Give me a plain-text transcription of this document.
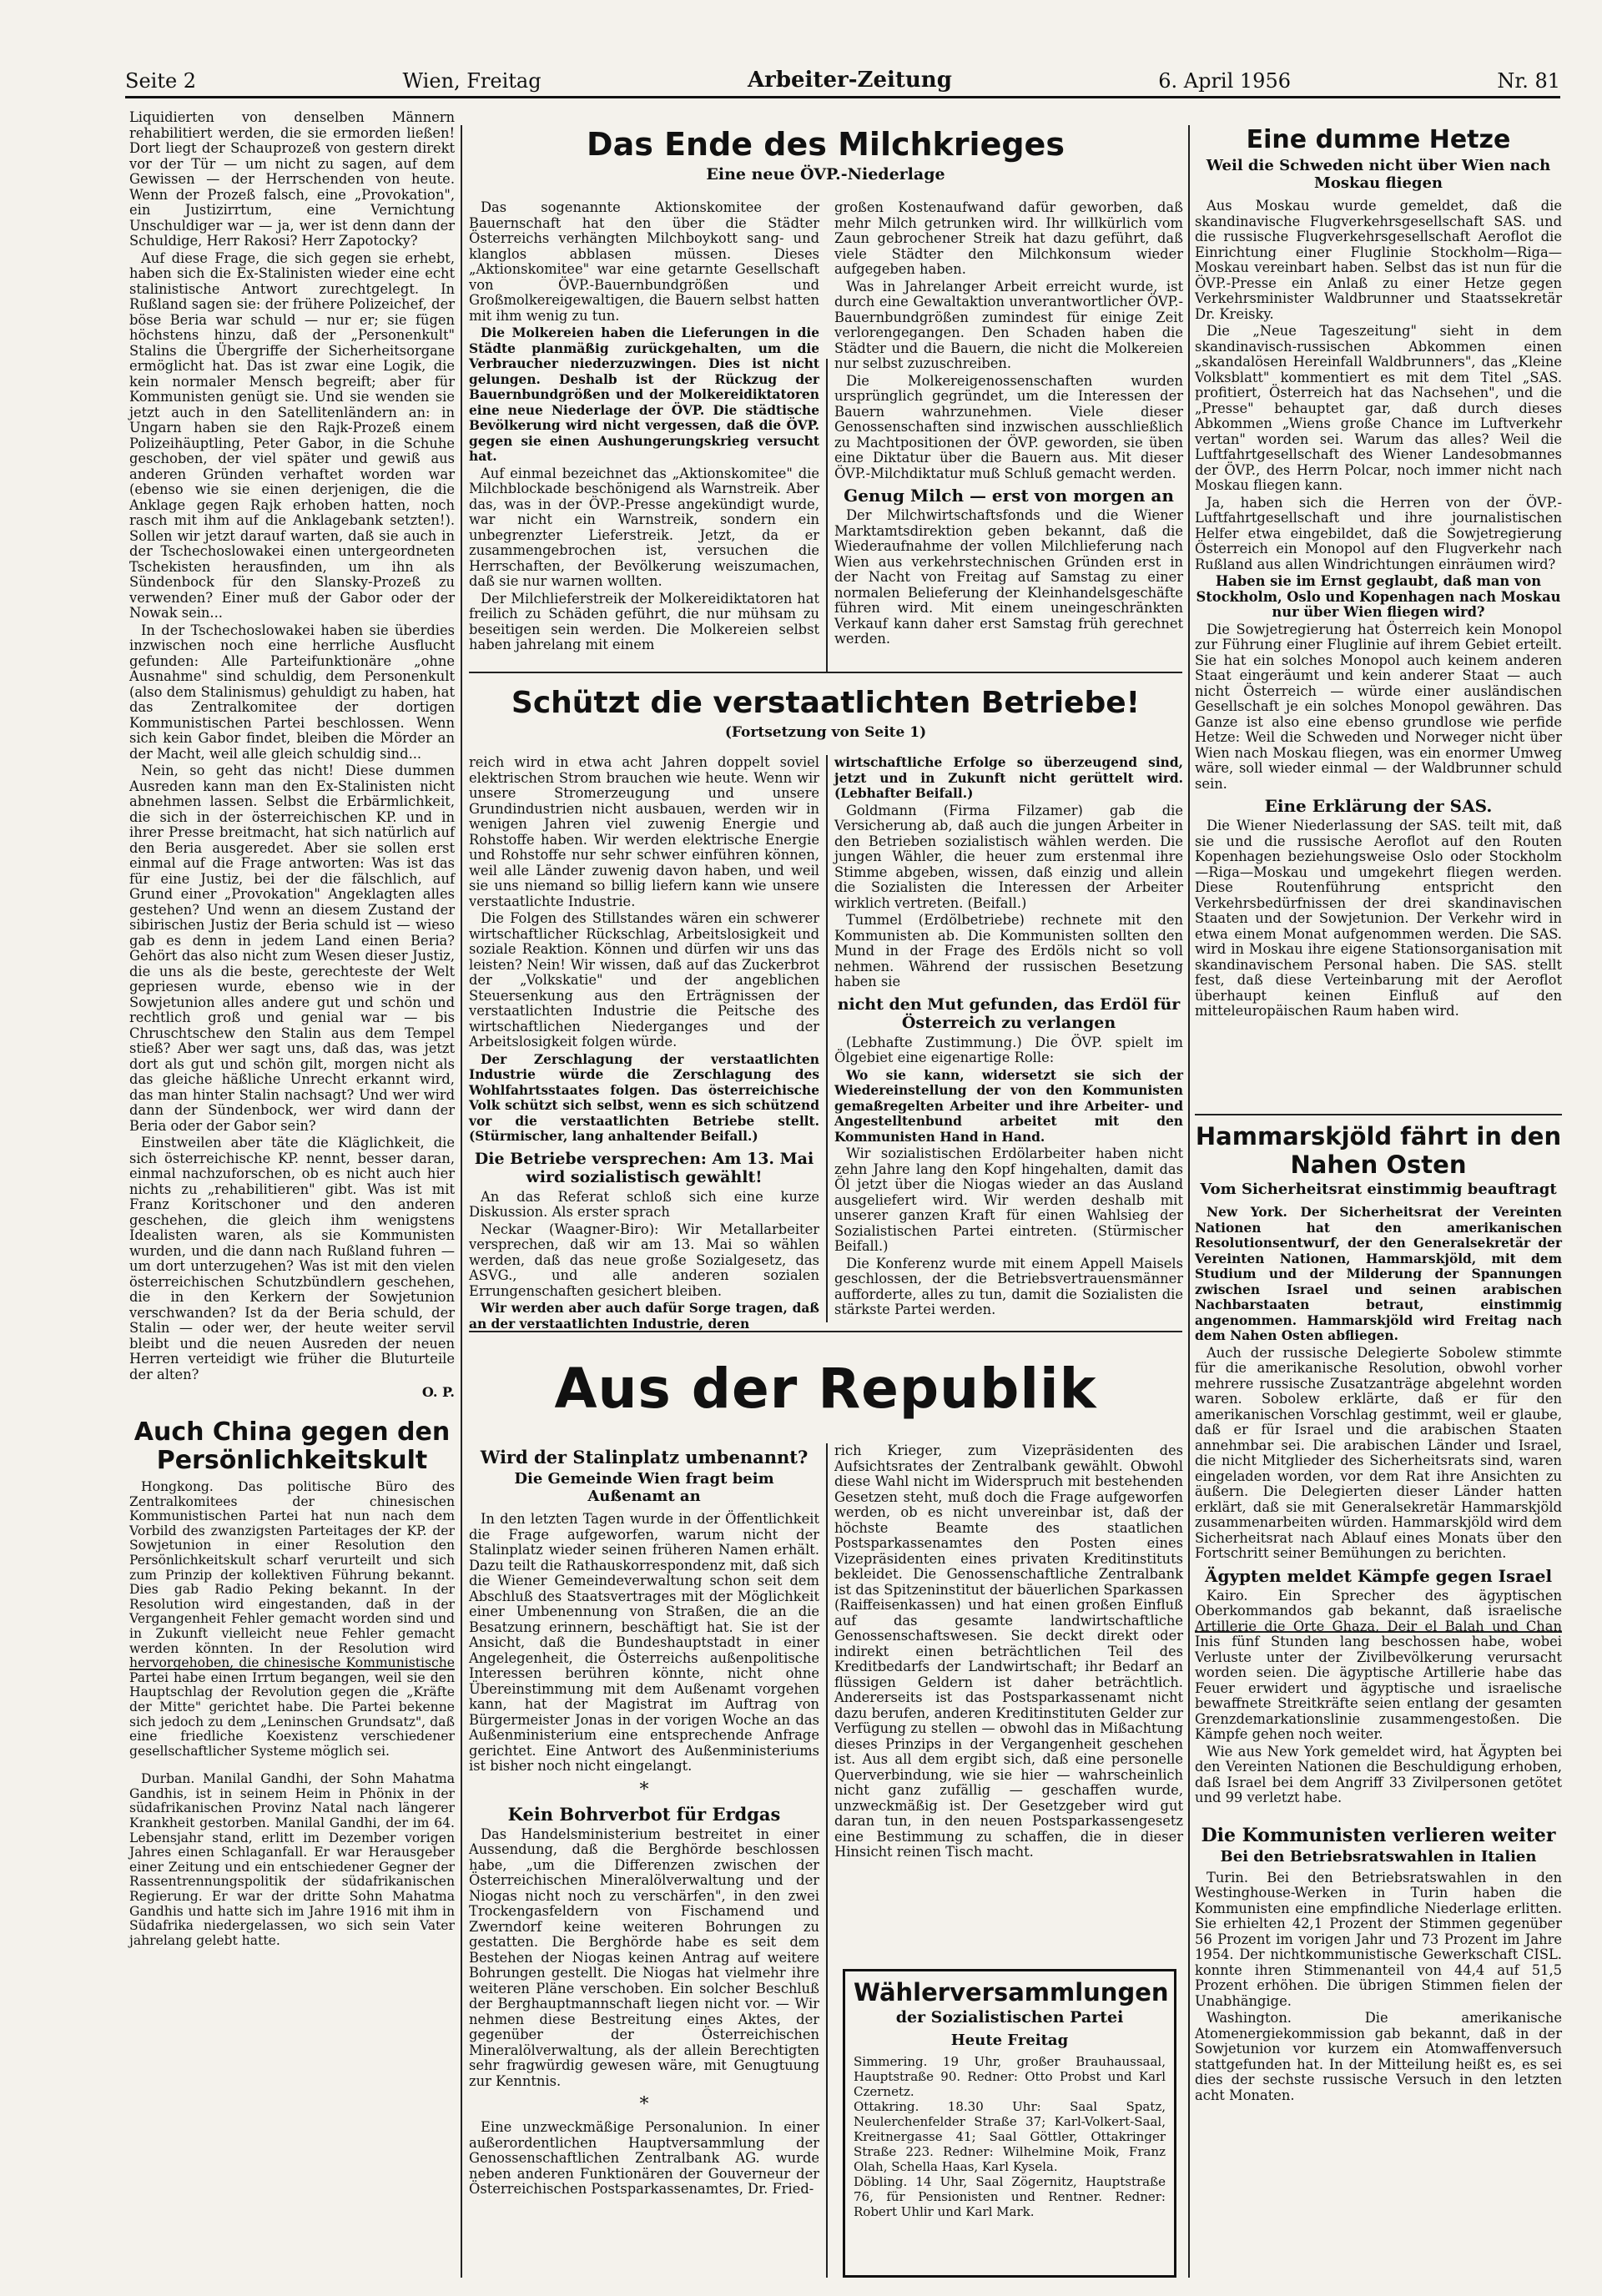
Seite 2	Wien, Freitag	Arbeiter-Zeitung	6. April 1956	Nr. 81

Liquidierten von denselben Männern rehabilitiert werden, die sie ermorden ließen! Dort liegt der Schauprozeß von gestern direkt vor der Tür — um nicht zu sagen, auf dem Gewissen — der Herrschenden von heute. Wenn der Prozeß falsch, eine „Provokation", ein Justizirrtum, eine Vernichtung Unschuldiger war — ja, wer ist denn dann der Schuldige, Herr Rakosi? Herr Zapotocky?

Auf diese Frage, die sich gegen sie erhebt, haben sich die Ex-Stalinisten wieder eine echt stalinistische Antwort zurechtgelegt. In Rußland sagen sie: der frühere Polizeichef, der böse Beria war schuld — nur er; sie fügen höchstens hinzu, daß der „Personenkult" Stalins die Übergriffe der Sicherheitsorgane ermöglicht hat. Das ist zwar eine Logik, die kein normaler Mensch begreift; aber für Kommunisten genügt sie. Und sie wenden sie jetzt auch in den Satellitenländern an: in Ungarn haben sie den Rajk-Prozeß einem Polizeihäuptling, Peter Gabor, in die Schuhe geschoben, der viel später und gewiß aus anderen Gründen verhaftet worden war (ebenso wie sie einen derjenigen, die die Anklage gegen Rajk erhoben hatten, noch rasch mit ihm auf die Anklagebank setzten!). Sollen wir jetzt darauf warten, daß sie auch in der Tschechoslowakei einen untergeordneten Tschekisten herausfinden, um ihn als Sündenbock für den Slansky-Prozeß zu verwenden? Einer muß der Gabor oder der Nowak sein...

In der Tschechoslowakei haben sie überdies inzwischen noch eine herrliche Ausflucht gefunden: Alle Parteifunktionäre „ohne Ausnahme" sind schuldig, dem Personenkult (also dem Stalinismus) gehuldigt zu haben, hat das Zentralkomitee der dortigen Kommunistischen Partei beschlossen. Wenn sich kein Gabor findet, bleiben die Mörder an der Macht, weil alle gleich schuldig sind...

Nein, so geht das nicht! Diese dummen Ausreden kann man den Ex-Stalinisten nicht abnehmen lassen. Selbst die Erbärmlichkeit, die sich in der österreichischen KP. und in ihrer Presse breitmacht, hat sich natürlich auf den Beria ausgeredet. Aber sie sollen erst einmal auf die Frage antworten: Was ist das für eine Justiz, bei der die fälschlich, auf Grund einer „Provokation" Angeklagten alles gestehen? Und wenn an diesem Zustand der sibirischen Justiz der Beria schuld ist — wieso gab es denn in jedem Land einen Beria? Gehört das also nicht zum Wesen dieser Justiz, die uns als die beste, gerechteste der Welt gepriesen wurde, ebenso wie in der Sowjetunion alles andere gut und schön und rechtlich groß und genial war — bis Chruschtschew den Stalin aus dem Tempel stieß? Aber wer sagt uns, daß das, was jetzt dort als gut und schön gilt, morgen nicht als das gleiche häßliche Unrecht erkannt wird, das man hinter Stalin nachsagt? Und wer wird dann der Sündenbock, wer wird dann der Beria oder der Gabor sein?

Einstweilen aber täte die Kläglichkeit, die sich österreichische KP. nennt, besser daran, einmal nachzuforschen, ob es nicht auch hier nichts zu „rehabilitieren" gibt. Was ist mit Franz Koritschoner und den anderen geschehen, die gleich ihm wenigstens Idealisten waren, als sie Kommunisten wurden, und die dann nach Rußland fuhren — um dort unterzugehen? Was ist mit den vielen österreichischen Schutzbündlern geschehen, die in den Kerkern der Sowjetunion verschwanden? Ist da der Beria schuld, der Stalin — oder wer, der heute weiter servil bleibt und die neuen Ausreden der neuen Herren verteidigt wie früher die Bluturteile der alten?

O. P.

Auch China gegen den Persönlichkeitskult

Hongkong. Das politische Büro des Zentralkomitees der chinesischen Kommunistischen Partei hat nun nach dem Vorbild des zwanzigsten Parteitages der KP. der Sowjetunion in einer Resolution den Persönlichkeitskult scharf verurteilt und sich zum Prinzip der kollektiven Führung bekannt. Dies gab Radio Peking bekannt. In der Resolution wird eingestanden, daß in der Vergangenheit Fehler gemacht worden sind und in Zukunft vielleicht neue Fehler gemacht werden könnten. In der Resolution wird hervorgehoben, die chinesische Kommunistische Partei habe einen Irrtum begangen, weil sie den Hauptschlag der Revolution gegen die „Kräfte der Mitte" gerichtet habe. Die Partei bekenne sich jedoch zu dem „Leninschen Grundsatz", daß eine friedliche Koexistenz verschiedener gesellschaftlicher Systeme möglich sei.

Durban. Manilal Gandhi, der Sohn Mahatma Gandhis, ist in seinem Heim in Phönix in der südafrikanischen Provinz Natal nach längerer Krankheit gestorben. Manilal Gandhi, der im 64. Lebensjahr stand, erlitt im Dezember vorigen Jahres einen Schlaganfall. Er war Herausgeber einer Zeitung und ein entschiedener Gegner der Rassentrennungspolitik der südafrikanischen Regierung. Er war der dritte Sohn Mahatma Gandhis und hatte sich im Jahre 1916 mit ihm in Südafrika niedergelassen, wo sich sein Vater jahrelang gelebt hatte.

Das Ende des Milchkrieges

Eine neue ÖVP.-Niederlage

Das sogenannte Aktionskomitee der Bauernschaft hat den über die Städter Österreichs verhängten Milchboykott sang- und klanglos abblasen müssen. Dieses „Aktionskomitee" war eine getarnte Gesellschaft von ÖVP.-Bauernbundgrößen und Großmolkereigewaltigen, die Bauern selbst hatten mit ihm wenig zu tun.

Die Molkereien haben die Lieferungen in die Städte planmäßig zurückgehalten, um die Verbraucher niederzuzwingen. Dies ist nicht gelungen. Deshalb ist der Rückzug der Bauernbundgrößen und der Molkereidiktatoren eine neue Niederlage der ÖVP. Die städtische Bevölkerung wird nicht vergessen, daß die ÖVP. gegen sie einen Aushungerungskrieg versucht hat.

Auf einmal bezeichnet das „Aktionskomitee" die Milchblockade beschönigend als Warnstreik. Aber das, was in der ÖVP.-Presse angekündigt wurde, war nicht ein Warnstreik, sondern ein unbegrenzter Lieferstreik. Jetzt, da er zusammengebrochen ist, versuchen die Herrschaften, der Bevölkerung weiszumachen, daß sie nur warnen wollten.

Der Milchlieferstreik der Molkereidiktatoren hat freilich zu Schäden geführt, die nur mühsam zu beseitigen sein werden. Die Molkereien selbst haben jahrelang mit einem

großen Kostenaufwand dafür geworben, daß mehr Milch getrunken wird. Ihr willkürlich vom Zaun gebrochener Streik hat dazu geführt, daß viele Städter den Milchkonsum wieder aufgegeben haben.

Was in Jahrelanger Arbeit erreicht wurde, ist durch eine Gewaltaktion unverantwortlicher ÖVP.-Bauernbundgrößen zumindest für einige Zeit verlorengegangen. Den Schaden haben die Städter und die Bauern, die nicht die Molkereien nur selbst zuzuschreiben.

Die Molkereigenossenschaften wurden ursprünglich gegründet, um die Interessen der Bauern wahrzunehmen. Viele dieser Genossenschaften sind inzwischen ausschließlich zu Machtpositionen der ÖVP. geworden, sie üben eine Diktatur über die Bauern aus. Mit dieser ÖVP.-Milchdiktatur muß Schluß gemacht werden.

Genug Milch — erst von morgen an

Der Milchwirtschaftsfonds und die Wiener Marktamtsdirektion geben bekannt, daß die Wiederaufnahme der vollen Milchlieferung nach Wien aus verkehrstechnischen Gründen erst in der Nacht von Freitag auf Samstag zu einer normalen Belieferung der Kleinhandelsgeschäfte führen wird. Mit einem uneingeschränkten Verkauf kann daher erst Samstag früh gerechnet werden.

Eine dumme Hetze

Weil die Schweden nicht über Wien nach Moskau fliegen

Aus Moskau wurde gemeldet, daß die skandinavische Flugverkehrsgesellschaft SAS. und die russische Flugverkehrsgesellschaft Aeroflot die Einrichtung einer Fluglinie Stockholm—Riga—Moskau vereinbart haben. Selbst das ist nun für die ÖVP.-Presse ein Anlaß zu einer Hetze gegen Verkehrsminister Waldbrunner und Staatssekretär Dr. Kreisky.

Die „Neue Tageszeitung" sieht in dem skandinavisch-russischen Abkommen einen „skandalösen Hereinfall Waldbrunners", das „Kleine Volksblatt" kommentiert es mit dem Titel „SAS. profitiert, Österreich hat das Nachsehen", und die „Presse" behauptet gar, daß durch dieses Abkommen „Wiens große Chance im Luftverkehr vertan" worden sei. Warum das alles? Weil die Luftfahrtgesellschaft des Wiener Landesobmannes der ÖVP., des Herrn Polcar, noch immer nicht nach Moskau fliegen kann.

Ja, haben sich die Herren von der ÖVP.-Luftfahrtgesellschaft und ihre journalistischen Helfer etwa eingebildet, daß die Sowjetregierung Österreich ein Monopol auf den Flugverkehr nach Rußland aus allen Windrichtungen einräumen wird?

Haben sie im Ernst geglaubt, daß man von Stockholm, Oslo und Kopenhagen nach Moskau nur über Wien fliegen wird?

Die Sowjetregierung hat Österreich kein Monopol zur Führung einer Fluglinie auf ihrem Gebiet erteilt. Sie hat ein solches Monopol auch keinem anderen Staat eingeräumt und kein anderer Staat — auch nicht Österreich — würde einer ausländischen Gesellschaft je ein solches Monopol gewähren. Das Ganze ist also eine ebenso grundlose wie perfide Hetze: Weil die Schweden und Norweger nicht über Wien nach Moskau fliegen, was ein enormer Umweg wäre, soll wieder einmal — der Waldbrunner schuld sein.

Eine Erklärung der SAS.

Die Wiener Niederlassung der SAS. teilt mit, daß sie und die russische Aeroflot auf den Routen Kopenhagen beziehungsweise Oslo oder Stockholm—Riga—Moskau und umgekehrt fliegen werden. Diese Routenführung entspricht den Verkehrsbedürfnissen der drei skandinavischen Staaten und der Sowjetunion. Der Verkehr wird in etwa einem Monat aufgenommen werden. Die SAS. wird in Moskau ihre eigene Stationsorganisation mit skandinavischem Personal haben. Die SAS. stellt fest, daß diese Verteinbarung mit der Aeroflot überhaupt keinen Einfluß auf den mitteleuropäischen Raum haben wird.

Schützt die verstaatlichten Betriebe!

(Fortsetzung von Seite 1)

reich wird in etwa acht Jahren doppelt soviel elektrischen Strom brauchen wie heute. Wenn wir unsere Stromerzeugung und unsere Grundindustrien nicht ausbauen, werden wir in wenigen Jahren viel zuwenig Energie und Rohstoffe haben. Wir werden elektrische Energie und Rohstoffe nur sehr schwer einführen können, weil alle Länder zuwenig davon haben, und weil sie uns niemand so billig liefern kann wie unsere verstaatlichte Industrie.

Die Folgen des Stillstandes wären ein schwerer wirtschaftlicher Rückschlag, Arbeitslosigkeit und soziale Reaktion. Können und dürfen wir uns das leisten? Nein! Wir wissen, daß auf das Zuckerbrot der „Volkskatie" und der angeblichen Steuersenkung aus den Erträgnissen der verstaatlichten Industrie die Peitsche des wirtschaftlichen Niederganges und der Arbeitslosigkeit folgen würde.

Der Zerschlagung der verstaatlichten Industrie würde die Zerschlagung des Wohlfahrtsstaates folgen. Das österreichische Volk schützt sich selbst, wenn es sich schützend vor die verstaatlichten Betriebe stellt. (Stürmischer, lang anhaltender Beifall.)

Die Betriebe versprechen: Am 13. Mai wird sozialistisch gewählt!

An das Referat schloß sich eine kurze Diskussion. Als erster sprach

Neckar (Waagner-Biro): Wir Metallarbeiter versprechen, daß wir am 13. Mai so wählen werden, daß das neue große Sozialgesetz, das ASVG., und alle anderen sozialen Errungenschaften gesichert bleiben.

Wir werden aber auch dafür Sorge tragen, daß an der verstaatlichten Industrie, deren

wirtschaftliche Erfolge so überzeugend sind, jetzt und in Zukunft nicht gerüttelt wird. (Lebhafter Beifall.)

Goldmann (Firma Filzamer) gab die Versicherung ab, daß auch die jungen Arbeiter in den Betrieben sozialistisch wählen werden. Die jungen Wähler, die heuer zum erstenmal ihre Stimme abgeben, wissen, daß einzig und allein die Sozialisten die Interessen der Arbeiter wirklich vertreten. (Beifall.)

Tummel (Erdölbetriebe) rechnete mit den Kommunisten ab. Die Kommunisten sollten den Mund in der Frage des Erdöls nicht so voll nehmen. Während der russischen Besetzung haben sie

nicht den Mut gefunden, das Erdöl für Österreich zu verlangen

(Lebhafte Zustimmung.) Die ÖVP. spielt im Ölgebiet eine eigenartige Rolle:

Wo sie kann, widersetzt sie sich der Wiedereinstellung der von den Kommunisten gemaßregelten Arbeiter und ihre Arbeiter- und Angestelltenbund arbeitet mit den Kommunisten Hand in Hand.

Wir sozialistischen Erdölarbeiter haben nicht zehn Jahre lang den Kopf hingehalten, damit das Öl jetzt über die Niogas wieder an das Ausland ausgeliefert wird. Wir werden deshalb mit unserer ganzen Kraft für einen Wahlsieg der Sozialistischen Partei eintreten. (Stürmischer Beifall.)

Die Konferenz wurde mit einem Appell Maisels geschlossen, der die Betriebsvertrauensmänner aufforderte, alles zu tun, damit die Sozialisten die stärkste Partei werden.

Aus der Republik
Wird der Stalinplatz umbenannt?

Die Gemeinde Wien fragt beim Außenamt an

In den letzten Tagen wurde in der Öffentlichkeit die Frage aufgeworfen, warum nicht der Stalinplatz wieder seinen früheren Namen erhält. Dazu teilt die Rathauskorrespondenz mit, daß sich die Wiener Gemeindeverwaltung schon seit dem Abschluß des Staatsvertrages mit der Möglichkeit einer Umbenennung von Straßen, die an die Besatzung erinnern, beschäftigt hat. Sie ist der Ansicht, daß die Bundeshauptstadt in einer Angelegenheit, die Österreichs außenpolitische Interessen berühren könnte, nicht ohne Übereinstimmung mit dem Außenamt vorgehen kann, hat der Magistrat im Auftrag von Bürgermeister Jonas in der vorigen Woche an das Außenministerium eine entsprechende Anfrage gerichtet. Eine Antwort des Außenministeriums ist bisher noch nicht eingelangt.

*

Kein Bohrverbot für Erdgas

Das Handelsministerium bestreitet in einer Aussendung, daß die Berghörde beschlossen habe, „um die Differenzen zwischen der Österreichischen Mineralölverwaltung und der Niogas nicht noch zu verschärfen", in den zwei Trockengasfeldern von Fischamend und Zwerndorf keine weiteren Bohrungen zu gestatten. Die Berghörde habe es seit dem Bestehen der Niogas keinen Antrag auf weitere Bohrungen gestellt. Die Niogas hat vielmehr ihre weiteren Pläne verschoben. Ein solcher Beschluß der Berghauptmannschaft liegen nicht vor. — Wir nehmen diese Bestreitung eines Aktes, der gegenüber der Österreichischen Mineralölverwaltung, als der allein Berechtigten sehr fragwürdig gewesen wäre, mit Genugtuung zur Kenntnis.

*

Eine unzweckmäßige Personalunion. In einer außerordentlichen Hauptversammlung der Genossenschaftlichen Zentralbank AG. wurde neben anderen Funktionären der Gouverneur der Österreichischen Postsparkassenamtes, Dr. Fried-

rich Krieger, zum Vizepräsidenten des Aufsichtsrates der Zentralbank gewählt. Obwohl diese Wahl nicht im Widerspruch mit bestehenden Gesetzen steht, muß doch die Frage aufgeworfen werden, ob es nicht unvereinbar ist, daß der höchste Beamte des staatlichen Postsparkassenamtes den Posten eines Vizepräsidenten eines privaten Kreditinstituts bekleidet. Die Genossenschaftliche Zentralbank ist das Spitzeninstitut der bäuerlichen Sparkassen (Raiffeisenkassen) und hat einen großen Einfluß auf das gesamte landwirtschaftliche Genossenschaftswesen. Sie deckt direkt oder indirekt einen beträchtlichen Teil des Kreditbedarfs der Landwirtschaft; ihr Bedarf an flüssigen Geldern ist daher beträchtlich. Andererseits ist das Postsparkassenamt nicht dazu berufen, anderen Kreditinstituten Gelder zur Verfügung zu stellen — obwohl das in Mißachtung dieses Prinzips in der Vergangenheit geschehen ist. Aus all dem ergibt sich, daß eine personelle Querverbindung, wie sie hier — wahrscheinlich nicht ganz zufällig — geschaffen wurde, unzweckmäßig ist. Der Gesetzgeber wird gut daran tun, in den neuen Postsparkassengesetz eine Bestimmung zu schaffen, die in dieser Hinsicht reinen Tisch macht.

Wählerversammlungen

der Sozialistischen Partei

Heute Freitag

Simmering. 19 Uhr, großer Brauhaussaal, Hauptstraße 90. Redner: Otto Probst und Karl Czernetz.

Ottakring. 18.30 Uhr: Saal Spatz, Neulerchenfelder Straße 37; Karl-Volkert-Saal, Kreitnergasse 41; Saal Göttler, Ottakringer Straße 223. Redner: Wilhelmine Moik, Franz Olah, Schella Haas, Karl Kysela.

Döbling. 14 Uhr, Saal Zögernitz, Hauptstraße 76, für Pensionisten und Rentner. Redner: Robert Uhlir und Karl Mark.

Hammarskjöld fährt in den Nahen Osten

Vom Sicherheitsrat einstimmig beauftragt

New York. Der Sicherheitsrat der Vereinten Nationen hat den amerikanischen Resolutionsentwurf, der den Generalsekretär der Vereinten Nationen, Hammarskjöld, mit dem Studium und der Milderung der Spannungen zwischen Israel und seinen arabischen Nachbarstaaten betraut, einstimmig angenommen. Hammarskjöld wird Freitag nach dem Nahen Osten abfliegen.

Auch der russische Delegierte Sobolew stimmte für die amerikanische Resolution, obwohl vorher mehrere russische Zusatzanträge abgelehnt worden waren. Sobolew erklärte, daß er für den amerikanischen Vorschlag gestimmt, weil er glaube, daß er für Israel und die arabischen Staaten annehmbar sei. Die arabischen Länder und Israel, die nicht Mitglieder des Sicherheitsrats sind, waren eingeladen worden, vor dem Rat ihre Ansichten zu äußern. Die Delegierten dieser Länder hatten erklärt, daß sie mit Generalsekretär Hammarskjöld zusammenarbeiten würden. Hammarskjöld wird dem Sicherheitsrat nach Ablauf eines Monats über den Fortschritt seiner Bemühungen zu berichten.

Ägypten meldet Kämpfe gegen Israel

Kairo. Ein Sprecher des ägyptischen Oberkommandos gab bekannt, daß israelische Artillerie die Orte Ghaza, Deir el Balah und Chan Inis fünf Stunden lang beschossen habe, wobei Verluste unter der Zivilbevölkerung verursacht worden seien. Die ägyptische Artillerie habe das Feuer erwidert und ägyptische und israelische bewaffnete Streitkräfte seien entlang der gesamten Grenzdemarkationslinie zusammengestoßen. Die Kämpfe gehen noch weiter.

Wie aus New York gemeldet wird, hat Ägypten bei den Vereinten Nationen die Beschuldigung erhoben, daß Israel bei dem Angriff 33 Zivilpersonen getötet und 99 verletzt habe.

Die Kommunisten verlieren weiter

Bei den Betriebsratswahlen in Italien

Turin. Bei den Betriebsratswahlen in den Westinghouse-Werken in Turin haben die Kommunisten eine empfindliche Niederlage erlitten. Sie erhielten 42,1 Prozent der Stimmen gegenüber 56 Prozent im vorigen Jahr und 73 Prozent im Jahre 1954. Der nichtkommunistische Gewerkschaft CISL. konnte ihren Stimmenanteil von 44,4 auf 51,5 Prozent erhöhen. Die übrigen Stimmen fielen der Unabhängige.

Washington. Die amerikanische Atomenergiekommission gab bekannt, daß in der Sowjetunion vor kurzem ein Atomwaffenversuch stattgefunden hat. In der Mitteilung heißt es, es sei dies der sechste russische Versuch in den letzten acht Monaten.
